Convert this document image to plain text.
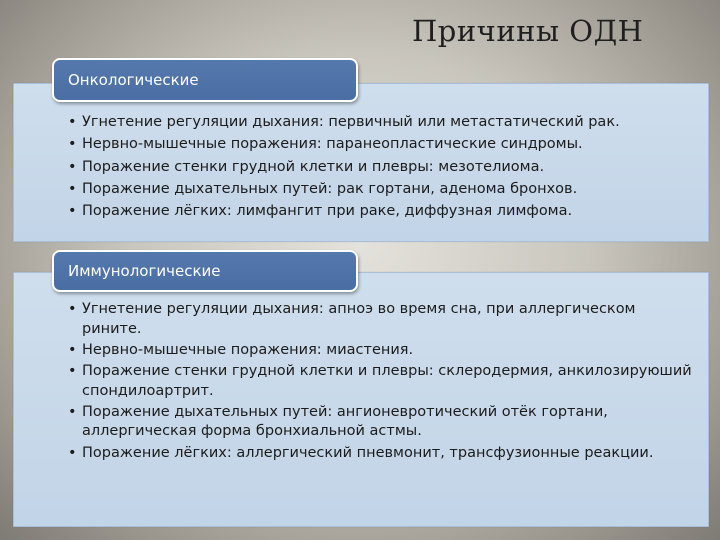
Причины ОДН
Онкологические
• Угнетение регуляции дыхания: первичный или метастатический рак.
• Нервно-мышечные поражения: паранеопластические синдромы.
• Поражение стенки грудной клетки и плевры: мезотелиома.
• Поражение дыхательных путей: рак гортани, аденома бронхов.
• Поражение лёгких: лимфангит при раке, диффузная лимфома.
Иммунологические
• Угнетение регуляции дыхания: апноэ во время сна, при аллергическом рините.
• Нервно-мышечные поражения: миастения.
• Поражение стенки грудной клетки и плевры: склеродермия, анкилозируюший спондилоартрит.
• Поражение дыхательных путей: ангионевротический отёк гортани, аллергическая форма бронхиальной астмы.
• Поражение лёгких: аллергический пневмонит, трансфузионные реакции.
